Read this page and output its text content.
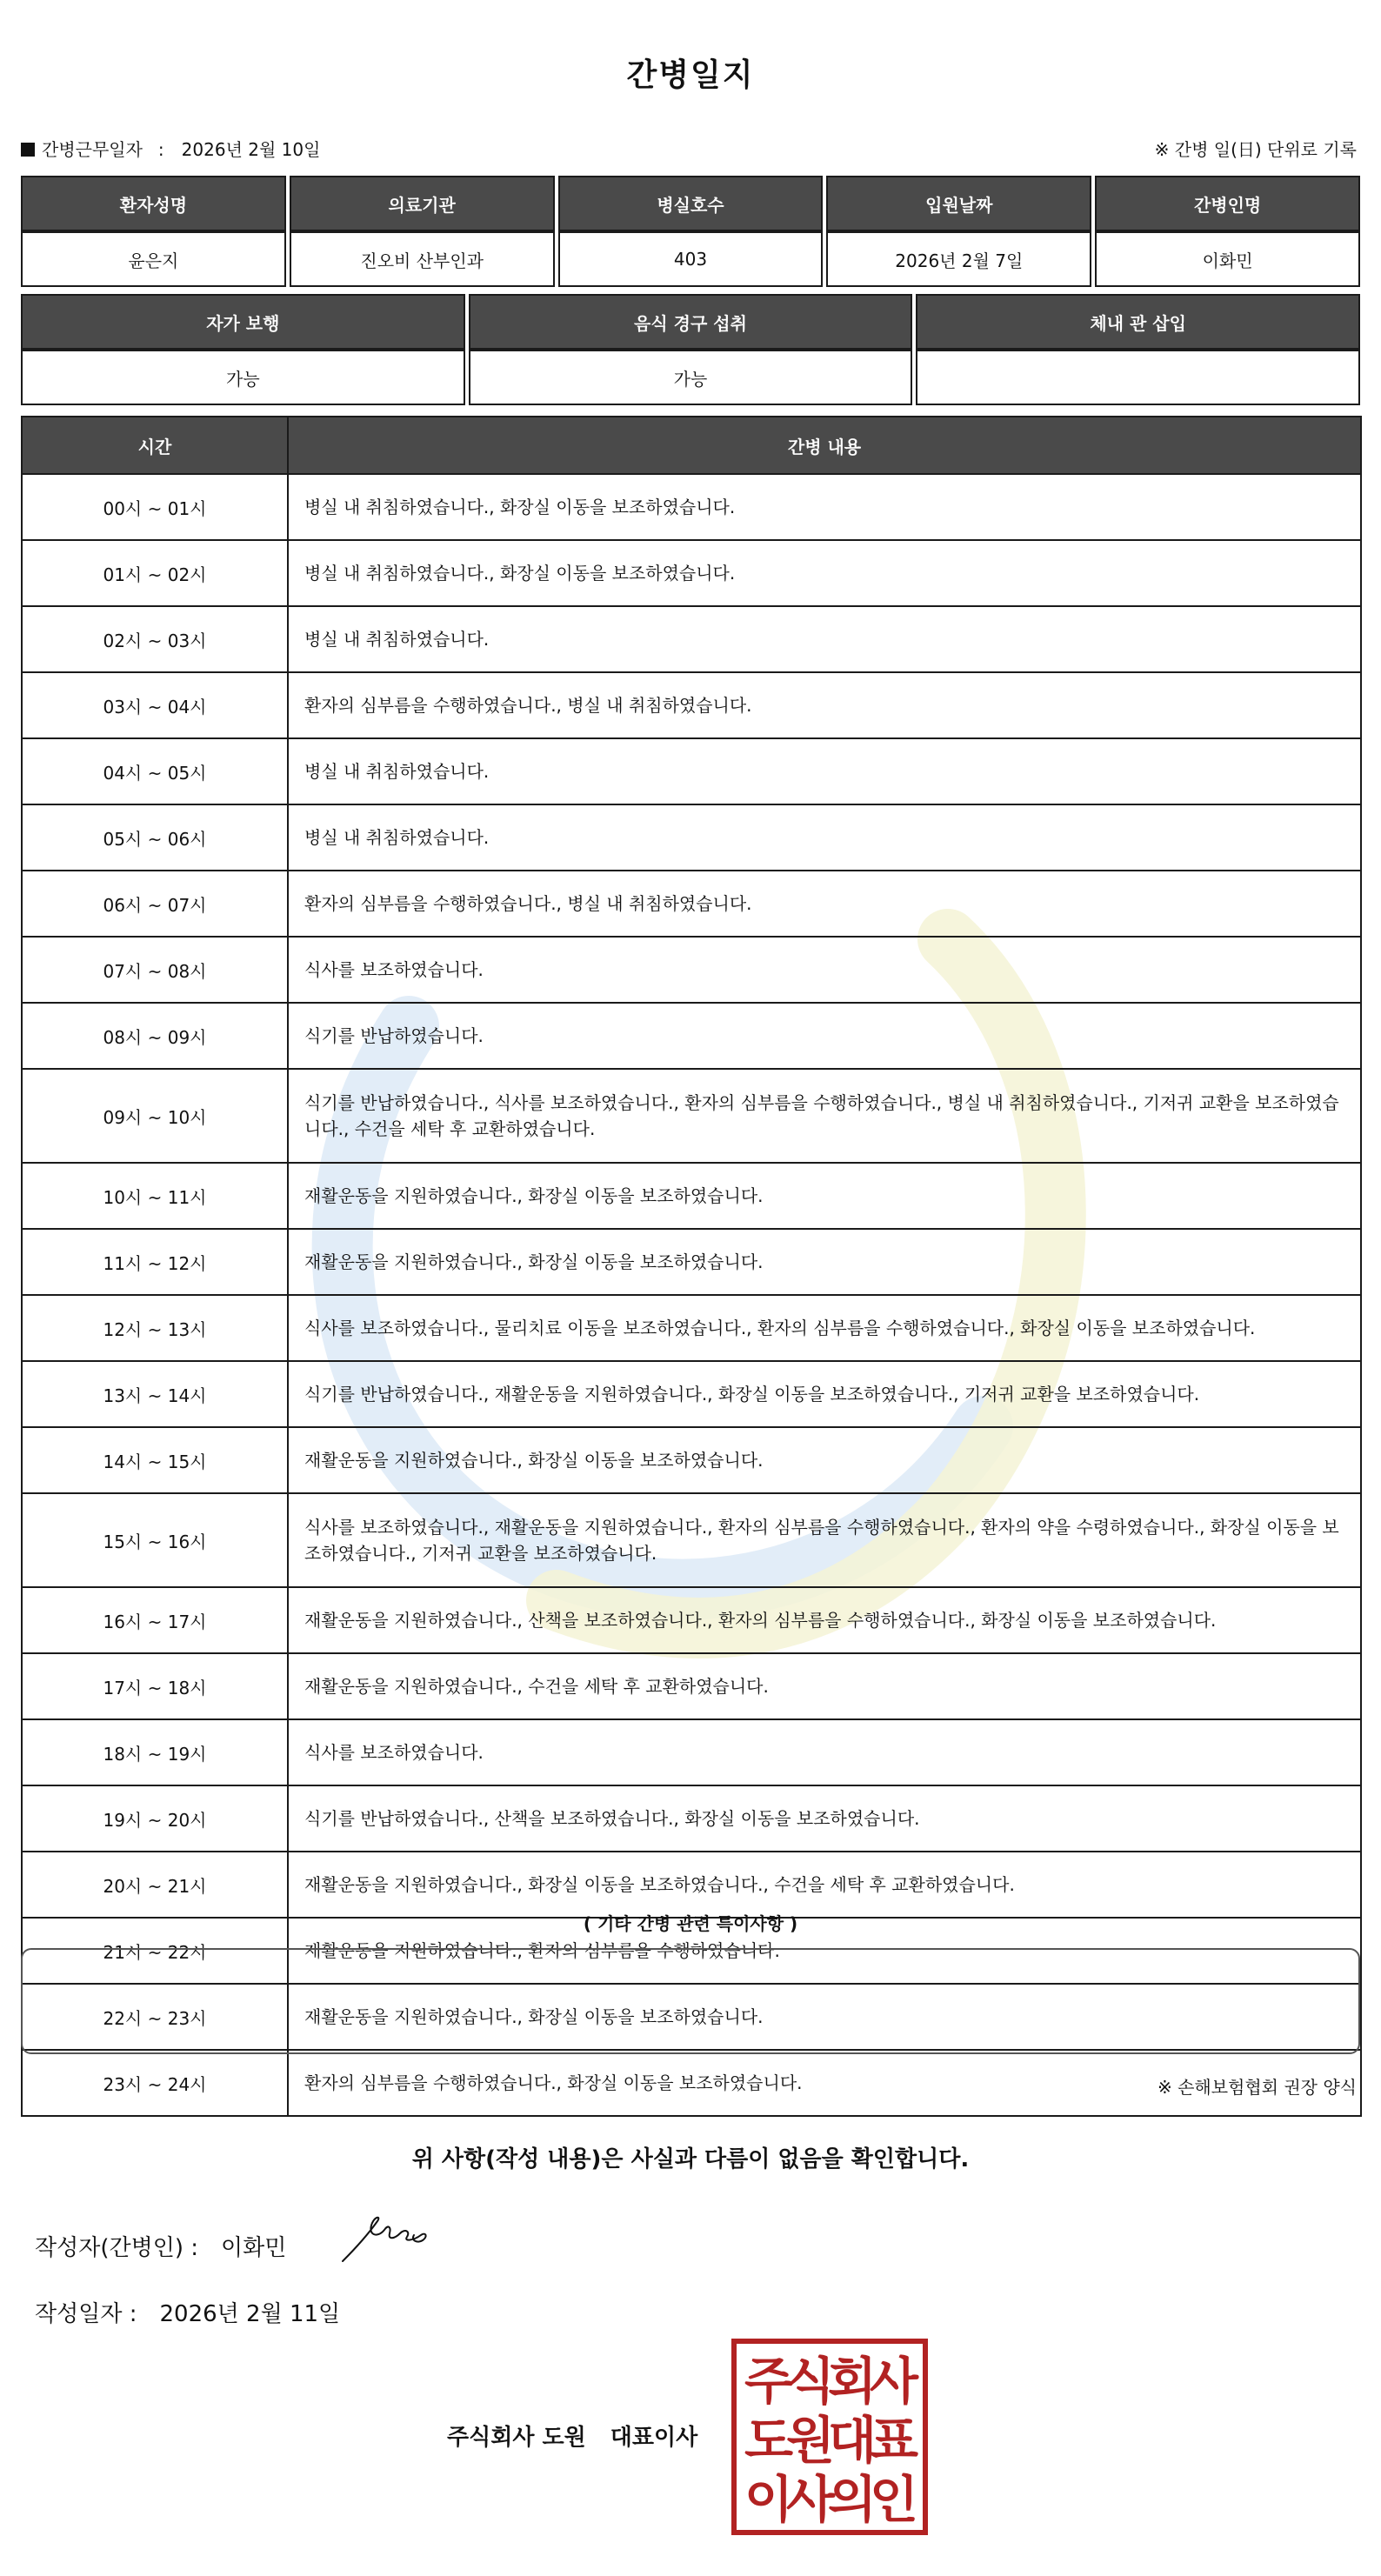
간병일지
간병근무일자 : 2026년 2월 10일	※ 간병 일(日) 단위로 기록
환자성명	의료기관	병실호수	입원날짜	간병인명
윤은지	진오비 산부인과	403	2026년 2월 7일	이화민
자가 보행	음식 경구 섭취	체내 관 삽입
가능	가능	
시간	간병 내용
00시 ~ 01시	병실 내 취침하였습니다., 화장실 이동을 보조하였습니다.
01시 ~ 02시	병실 내 취침하였습니다., 화장실 이동을 보조하였습니다.
02시 ~ 03시	병실 내 취침하였습니다.
03시 ~ 04시	환자의 심부름을 수행하였습니다., 병실 내 취침하였습니다.
04시 ~ 05시	병실 내 취침하였습니다.
05시 ~ 06시	병실 내 취침하였습니다.
06시 ~ 07시	환자의 심부름을 수행하였습니다., 병실 내 취침하였습니다.
07시 ~ 08시	식사를 보조하였습니다.
08시 ~ 09시	식기를 반납하였습니다.
09시 ~ 10시	식기를 반납하였습니다., 식사를 보조하였습니다., 환자의 심부름을 수행하였습니다., 병실 내 취침하였습니다., 기저귀 교환을 보조하였습니다., 수건을 세탁 후 교환하였습니다.
10시 ~ 11시	재활운동을 지원하였습니다., 화장실 이동을 보조하였습니다.
11시 ~ 12시	재활운동을 지원하였습니다., 화장실 이동을 보조하였습니다.
12시 ~ 13시	식사를 보조하였습니다., 물리치료 이동을 보조하였습니다., 환자의 심부름을 수행하였습니다., 화장실 이동을 보조하였습니다.
13시 ~ 14시	식기를 반납하였습니다., 재활운동을 지원하였습니다., 화장실 이동을 보조하였습니다., 기저귀 교환을 보조하였습니다.
14시 ~ 15시	재활운동을 지원하였습니다., 화장실 이동을 보조하였습니다.
15시 ~ 16시	식사를 보조하였습니다., 재활운동을 지원하였습니다., 환자의 심부름을 수행하였습니다., 환자의 약을 수령하였습니다., 화장실 이동을 보조하였습니다., 기저귀 교환을 보조하였습니다.
16시 ~ 17시	재활운동을 지원하였습니다., 산책을 보조하였습니다., 환자의 심부름을 수행하였습니다., 화장실 이동을 보조하였습니다.
17시 ~ 18시	재활운동을 지원하였습니다., 수건을 세탁 후 교환하였습니다.
18시 ~ 19시	식사를 보조하였습니다.
19시 ~ 20시	식기를 반납하였습니다., 산책을 보조하였습니다., 화장실 이동을 보조하였습니다.
20시 ~ 21시	재활운동을 지원하였습니다., 화장실 이동을 보조하였습니다., 수건을 세탁 후 교환하였습니다.
21시 ~ 22시	재활운동을 지원하였습니다., 환자의 심부름을 수행하였습니다.
22시 ~ 23시	재활운동을 지원하였습니다., 화장실 이동을 보조하였습니다.
23시 ~ 24시	환자의 심부름을 수행하였습니다., 화장실 이동을 보조하였습니다.
( 기타 간병 관련 특이사항 )
※ 손해보험협회 권장 양식
위 사항(작성 내용)은 사실과 다름이 없음을 확인합니다.
작성자(간병인) : 이화민
작성일자 : 2026년 2월 11일
주식회사 도원 대표이사
주
식
회
사
도
원
대
표
이
사
의
인
